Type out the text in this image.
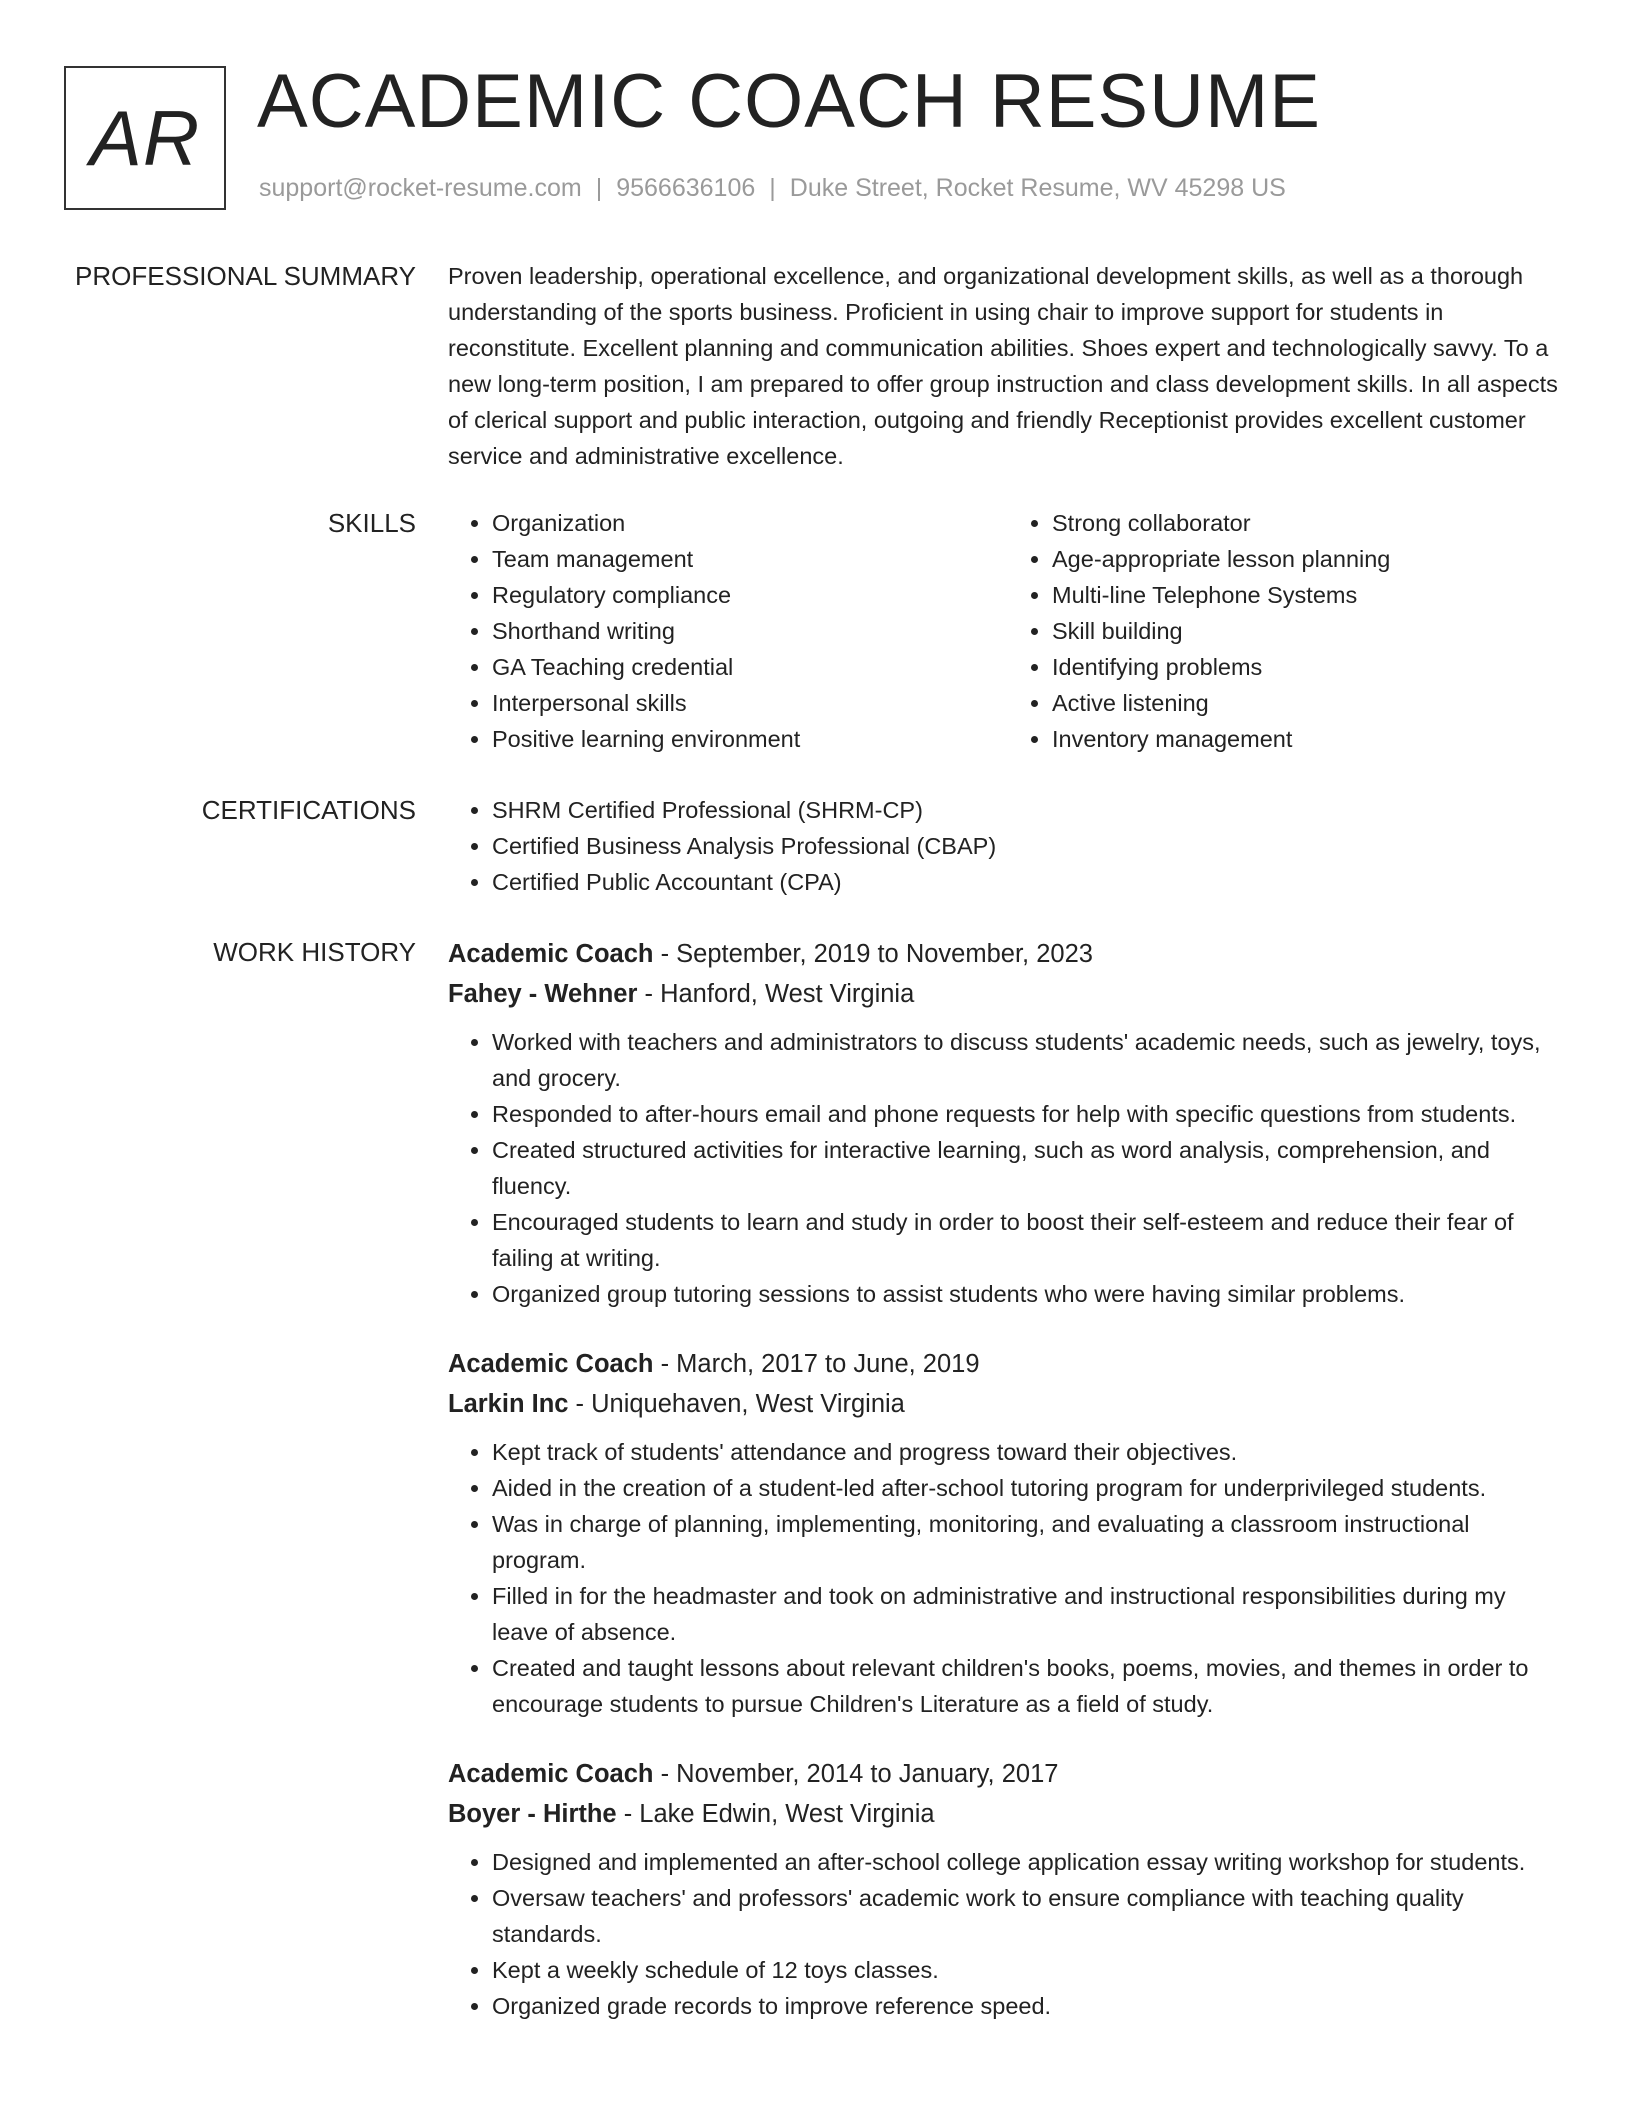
AR ACADEMIC COACH RESUME
support@rocket-resume.com | 9566636106 | Duke Street, Rocket Resume, WV 45298 US
PROFESSIONAL SUMMARY Proven leadership, operational excellence, and organizational development skills, as well as a thorough understanding of the sports business. Proficient in using chair to improve support for students in reconstitute. Excellent planning and communication abilities. Shoes expert and technologically savvy. To a new long-term position, I am prepared to offer group instruction and class development skills. In all aspects of clerical support and public interaction, outgoing and friendly Receptionist provides excellent customer service and administrative excellence.

SKILLS	• Organization
• Team management
• Regulatory compliance
• Shorthand writing
• GA Teaching credential
• Interpersonal skills
• Positive learning environment
• Strong collaborator
• Age-appropriate lesson planning
• Multi-line Telephone Systems
• Skill building
• Identifying problems
• Active listening
• Inventory management
CERTIFICATIONS	• SHRM Certified Professional (SHRM-CP)
• Certified Business Analysis Professional (CBAP)
• Certified Public Accountant (CPA)
WORK HISTORY Academic Coach - September, 2019 to November, 2023
Fahey - Wehner - Hanford, West Virginia
• Worked with teachers and administrators to discuss students' academic needs, such as jewelry, toys, and grocery.
• Responded to after-hours email and phone requests for help with specific questions from students.
• Created structured activities for interactive learning, such as word analysis, comprehension, and fluency.
• Encouraged students to learn and study in order to boost their self-esteem and reduce their fear of failing at writing.
• Organized group tutoring sessions to assist students who were having similar problems.
Academic Coach - March, 2017 to June, 2019
Larkin Inc - Uniquehaven, West Virginia
• Kept track of students' attendance and progress toward their objectives.
• Aided in the creation of a student-led after-school tutoring program for underprivileged students.
• Was in charge of planning, implementing, monitoring, and evaluating a classroom instructional program.
• Filled in for the headmaster and took on administrative and instructional responsibilities during my leave of absence.
• Created and taught lessons about relevant children's books, poems, movies, and themes in order to encourage students to pursue Children's Literature as a field of study.
Academic Coach - November, 2014 to January, 2017
Boyer - Hirthe - Lake Edwin, West Virginia
• Designed and implemented an after-school college application essay writing workshop for students.
• Oversaw teachers' and professors' academic work to ensure compliance with teaching quality standards.
• Kept a weekly schedule of 12 toys classes.
• Organized grade records to improve reference speed.
